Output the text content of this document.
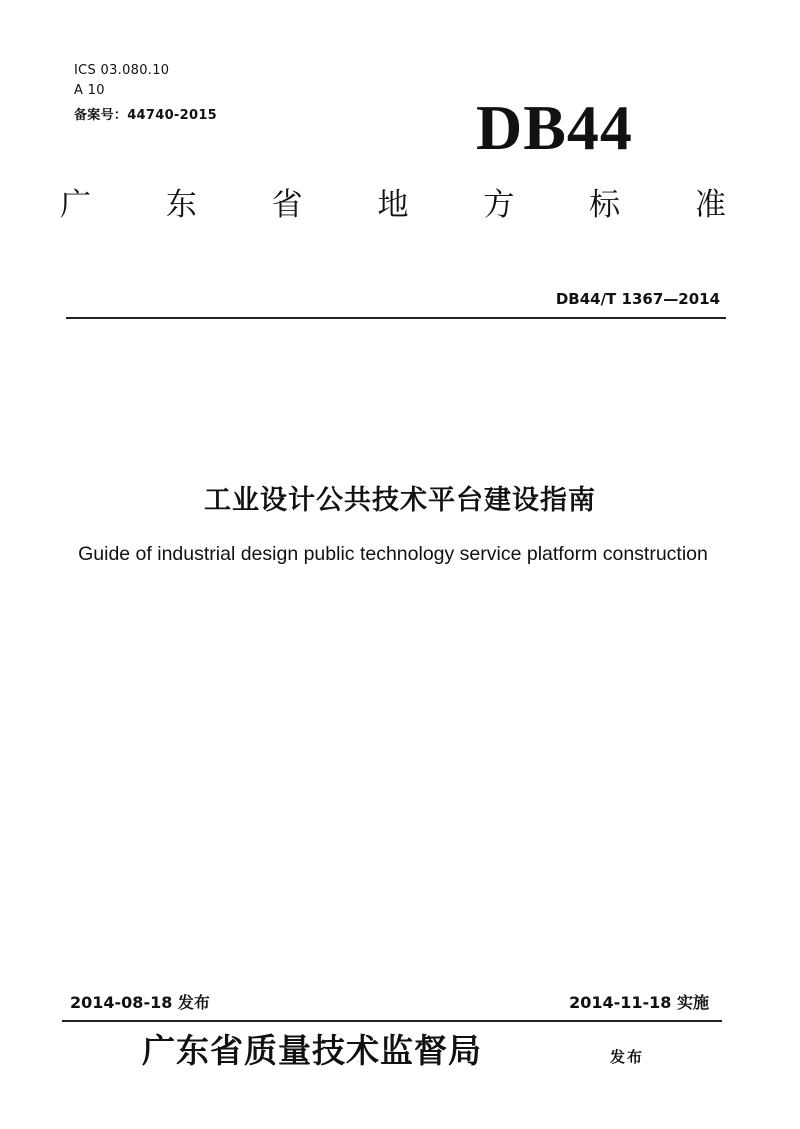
ICS 03.080.10
A 10
备案号：44740-2015	DB44
广 东 省 地 方 标 准
DB44/T 1367—2014
工业设计公共技术平台建设指南
Guide of industrial design public technology service platform construction
2014-08-18 发布	2014-11-18 实施
广东省质量技术监督局	发布
